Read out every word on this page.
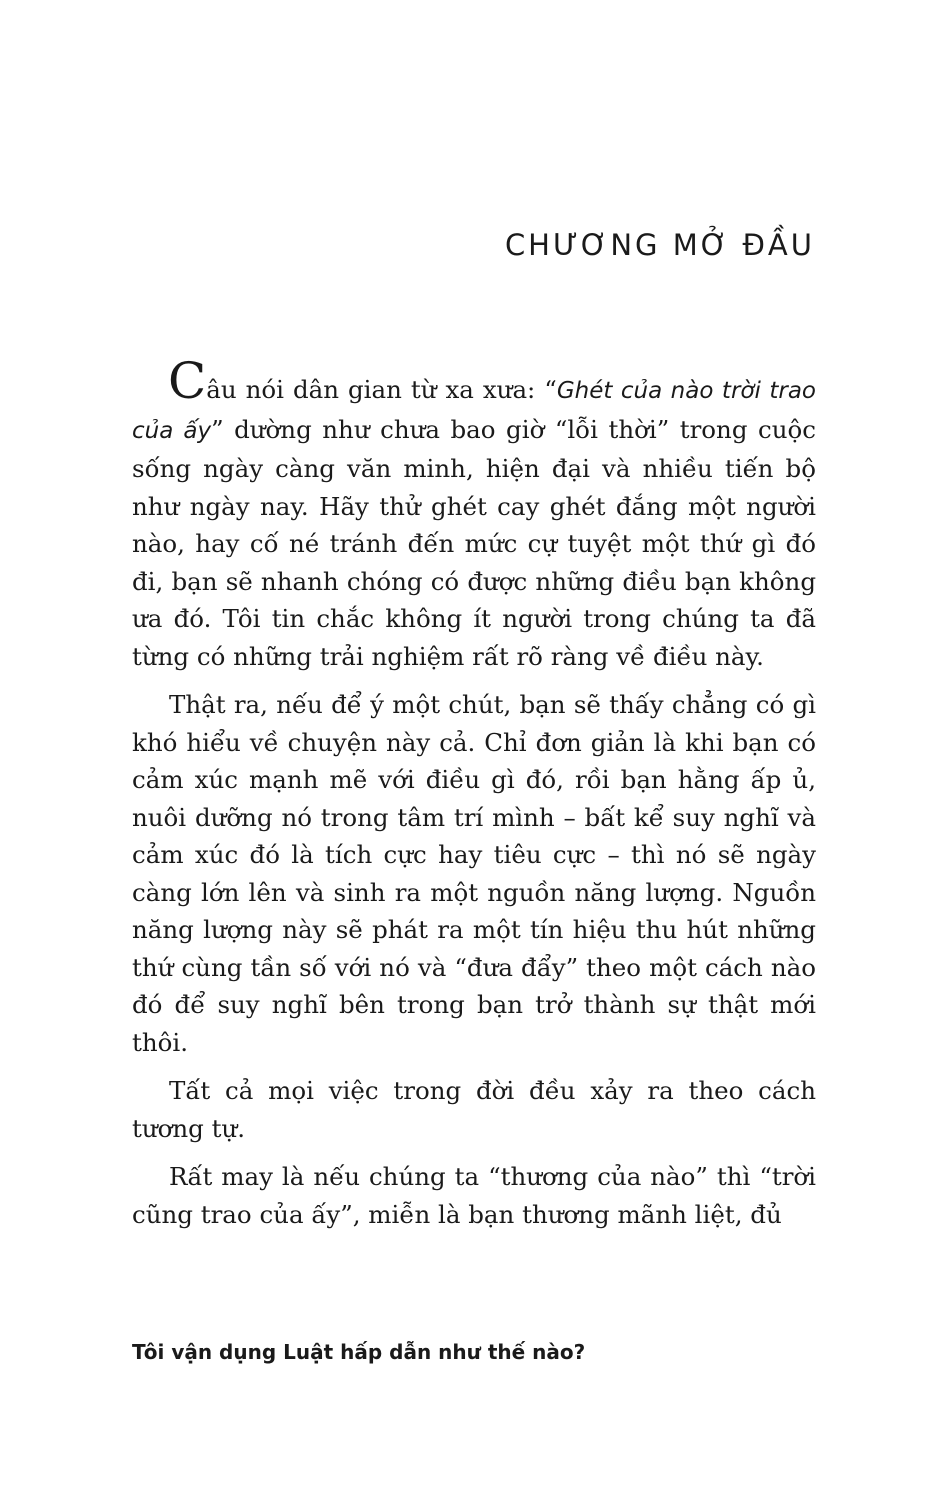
CHƯƠNG MỞ ĐẦU

Câu nói dân gian từ xa xưa: “Ghét của nào trời trao của ấy” dường như chưa bao giờ “lỗi thời” trong cuộc sống ngày càng văn minh, hiện đại và nhiều tiến bộ như ngày nay. Hãy thử ghét cay ghét đắng một người nào, hay cố né tránh đến mức cự tuyệt một thứ gì đó đi, bạn sẽ nhanh chóng có được những điều bạn không ưa đó. Tôi tin chắc không ít người trong chúng ta đã từng có những trải nghiệm rất rõ ràng về điều này.

Thật ra, nếu để ý một chút, bạn sẽ thấy chẳng có gì khó hiểu về chuyện này cả. Chỉ đơn giản là khi bạn có cảm xúc mạnh mẽ với điều gì đó, rồi bạn hằng ấp ủ, nuôi dưỡng nó trong tâm trí mình – bất kể suy nghĩ và cảm xúc đó là tích cực hay tiêu cực – thì nó sẽ ngày càng lớn lên và sinh ra một nguồn năng lượng. Nguồn năng lượng này sẽ phát ra một tín hiệu thu hút những thứ cùng tần số với nó và “đưa đẩy” theo một cách nào đó để suy nghĩ bên trong bạn trở thành sự thật mới thôi.

Tất cả mọi việc trong đời đều xảy ra theo cách tương tự.

Rất may là nếu chúng ta “thương của nào” thì “trời cũng trao của ấy”, miễn là bạn thương mãnh liệt, đủ

Tôi vận dụng Luật hấp dẫn như thế nào?
